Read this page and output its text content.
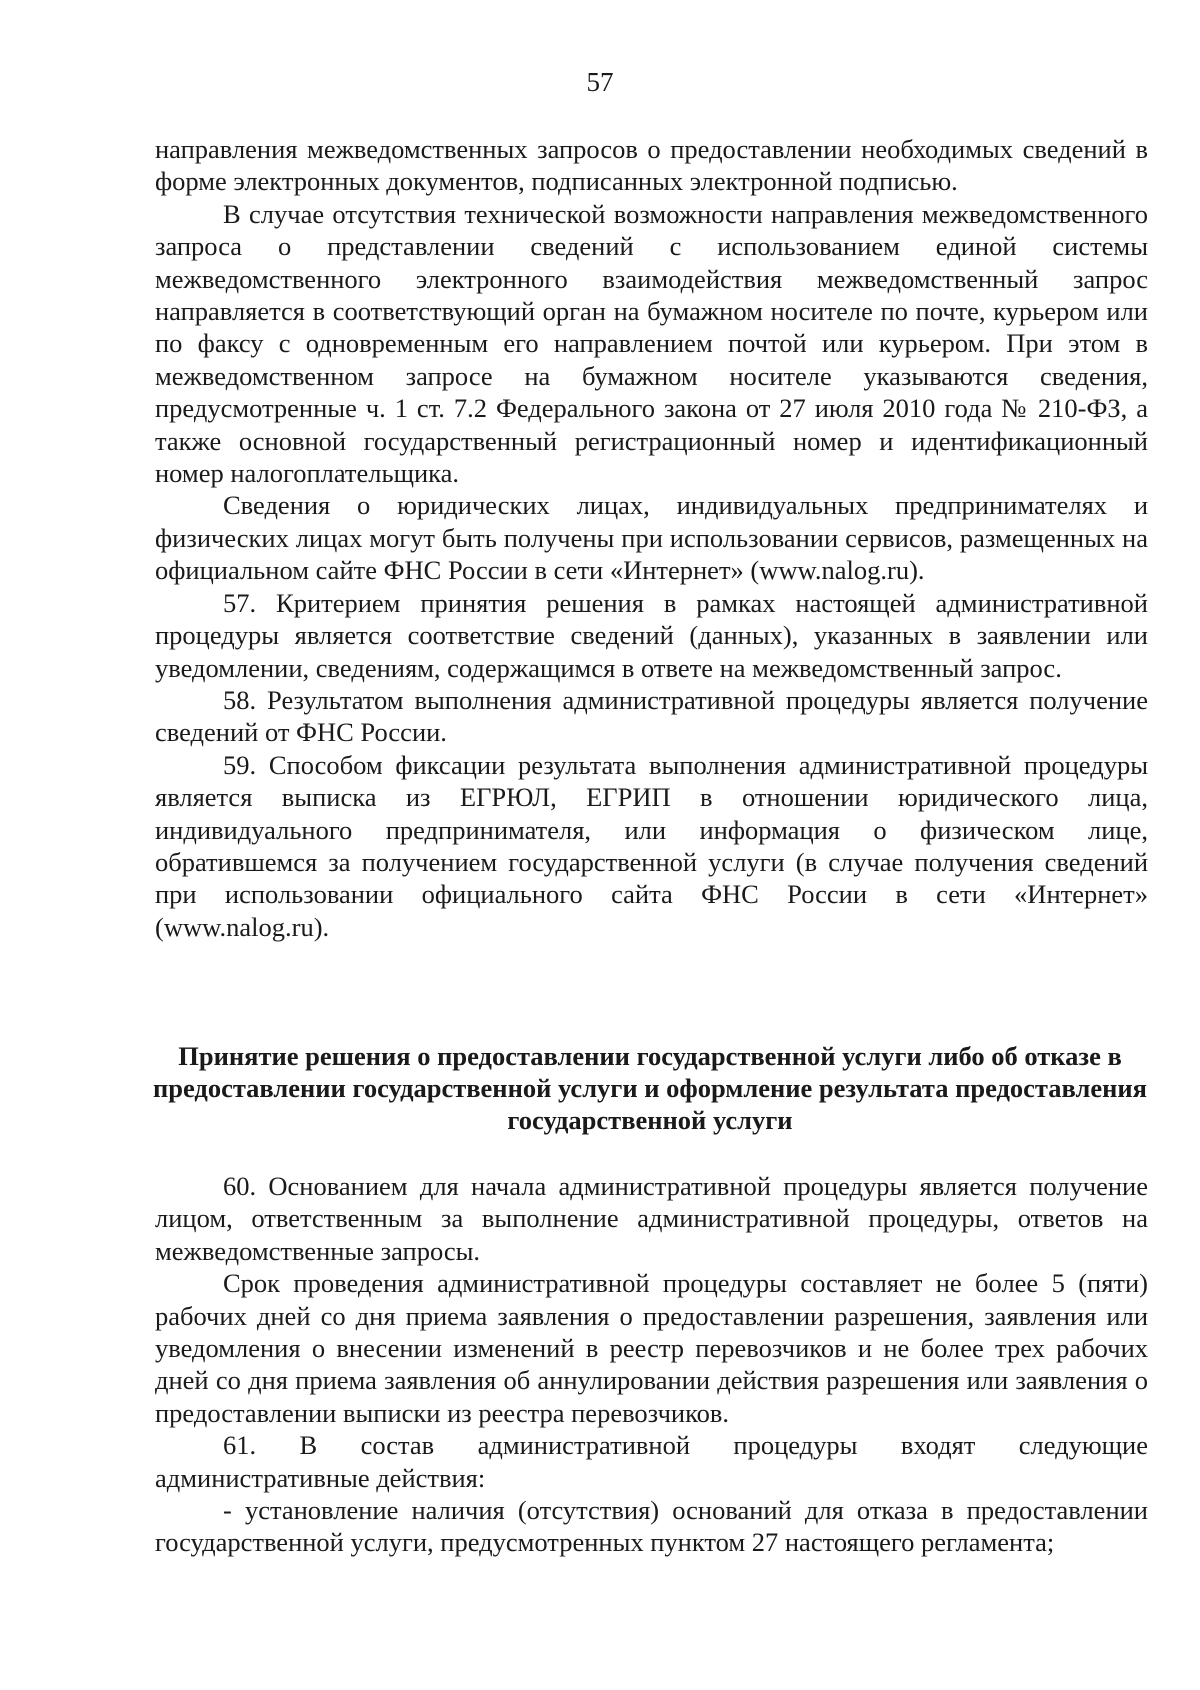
57

направления межведомственных запросов о предоставлении необходимых сведений в форме электронных документов, подписанных электронной подписью.

В случае отсутствия технической возможности направления межведомственного запроса о представлении сведений с использованием единой системы межведомственного электронного взаимодействия межведомственный запрос направляется в соответствующий орган на бумажном носителе по почте, курьером или по факсу с одновременным его направлением почтой или курьером. При этом в межведомственном запросе на бумажном носителе указываются сведения, предусмотренные ч. 1 ст. 7.2 Федерального закона от 27 июля 2010 года № 210-ФЗ, а также основной государственный регистрационный номер и идентификационный номер налогоплательщика.

Сведения о юридических лицах, индивидуальных предпринимателях и физических лицах могут быть получены при использовании сервисов, размещенных на официальном сайте ФНС России в сети «Интернет» (www.nalog.ru).

57. Критерием принятия решения в рамках настоящей административной процедуры является соответствие сведений (данных), указанных в заявлении или уведомлении, сведениям, содержащимся в ответе на межведомственный запрос.

58. Результатом выполнения административной процедуры является получение сведений от ФНС России.

59. Способом фиксации результата выполнения административной процедуры является выписка из ЕГРЮЛ, ЕГРИП в отношении юридического лица, индивидуального предпринимателя, или информация о физическом лице, обратившемся за получением государственной услуги (в случае получения сведений при использовании официального сайта ФНС России в сети «Интернет» (www.nalog.ru).

Принятие решения о предоставлении государственной услуги либо об отказе в предоставлении государственной услуги и оформление результата предоставления государственной услуги

60. Основанием для начала административной процедуры является получение лицом, ответственным за выполнение административной процедуры, ответов на межведомственные запросы.

Срок проведения административной процедуры составляет не более 5 (пяти) рабочих дней со дня приема заявления о предоставлении разрешения, заявления или уведомления о внесении изменений в реестр перевозчиков и не более трех рабочих дней со дня приема заявления об аннулировании действия разрешения или заявления о предоставлении выписки из реестра перевозчиков.

61. В состав административной процедуры входят следующие административные действия:

- установление наличия (отсутствия) оснований для отказа в предоставлении государственной услуги, предусмотренных пунктом 27 настоящего регламента;
